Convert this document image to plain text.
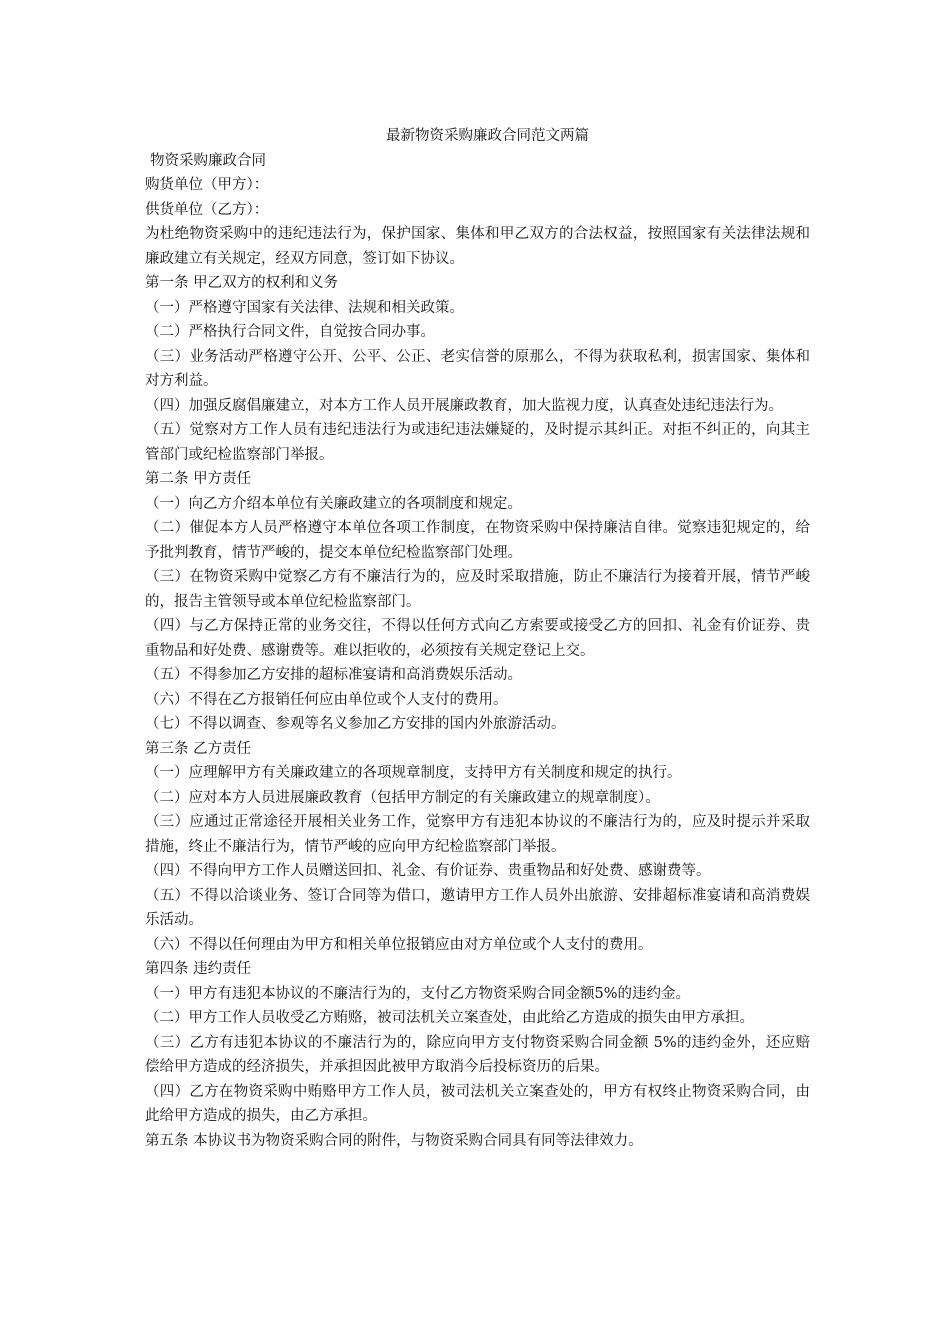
最新物资采购廉政合同范文两篇

物资采购廉政合同

购货单位（甲方）：

供货单位（乙方）：

为杜绝物资采购中的违纪违法行为，保护国家、集体和甲乙双方的合法权益，按照国家有关法律法规和廉政建立有关规定，经双方同意，签订如下协议。

第一条 甲乙双方的权利和义务

（一）严格遵守国家有关法律、法规和相关政策。

（二）严格执行合同文件，自觉按合同办事。

（三）业务活动严格遵守公开、公平、公正、老实信誉的原那么，不得为获取私利，损害国家、集体和对方利益。

（四）加强反腐倡廉建立，对本方工作人员开展廉政教育，加大监视力度，认真查处违纪违法行为。

（五）觉察对方工作人员有违纪违法行为或违纪违法嫌疑的，及时提示其纠正。对拒不纠正的，向其主管部门或纪检监察部门举报。

第二条 甲方责任

（一）向乙方介绍本单位有关廉政建立的各项制度和规定。

（二）催促本方人员严格遵守本单位各项工作制度，在物资采购中保持廉洁自律。觉察违犯规定的，给予批判教育，情节严峻的，提交本单位纪检监察部门处理。

（三）在物资采购中觉察乙方有不廉洁行为的，应及时采取措施，防止不廉洁行为接着开展，情节严峻的，报告主管领导或本单位纪检监察部门。

（四）与乙方保持正常的业务交往，不得以任何方式向乙方索要或接受乙方的回扣、礼金有价证券、贵重物品和好处费、感谢费等。难以拒收的，必须按有关规定登记上交。

（五）不得参加乙方安排的超标准宴请和高消费娱乐活动。

（六）不得在乙方报销任何应由单位或个人支付的费用。

（七）不得以调查、参观等名义参加乙方安排的国内外旅游活动。

第三条 乙方责任

（一）应理解甲方有关廉政建立的各项规章制度，支持甲方有关制度和规定的执行。

（二）应对本方人员进展廉政教育（包括甲方制定的有关廉政建立的规章制度）。

（三）应通过正常途径开展相关业务工作，觉察甲方有违犯本协议的不廉洁行为的，应及时提示并采取措施，终止不廉洁行为，情节严峻的应向甲方纪检监察部门举报。

（四）不得向甲方工作人员赠送回扣、礼金、有价证券、贵重物品和好处费、感谢费等。

（五）不得以洽谈业务、签订合同等为借口，邀请甲方工作人员外出旅游、安排超标准宴请和高消费娱乐活动。

（六）不得以任何理由为甲方和相关单位报销应由对方单位或个人支付的费用。

第四条 违约责任

（一）甲方有违犯本协议的不廉洁行为的，支付乙方物资采购合同金额5%的违约金。

（二）甲方工作人员收受乙方贿赂，被司法机关立案查处，由此给乙方造成的损失由甲方承担。

（三）乙方有违犯本协议的不廉洁行为的，除应向甲方支付物资采购合同金额 5%的违约金外，还应赔偿给甲方造成的经济损失，并承担因此被甲方取消今后投标资历的后果。

（四）乙方在物资采购中贿赂甲方工作人员，被司法机关立案查处的，甲方有权终止物资采购合同，由此给甲方造成的损失，由乙方承担。

第五条 本协议书为物资采购合同的附件，与物资采购合同具有同等法律效力。
